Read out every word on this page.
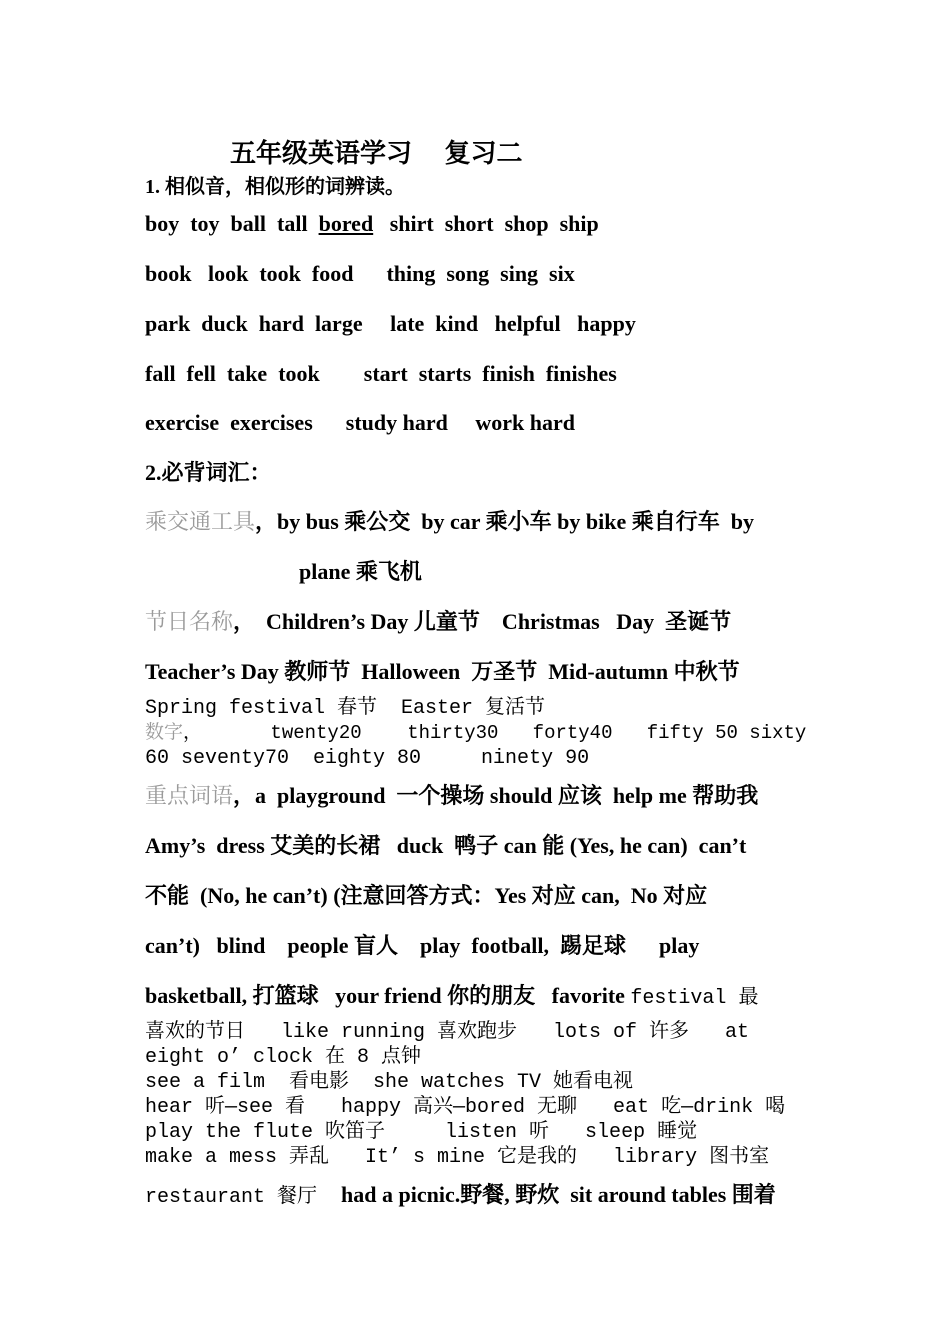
五年级英语学习     复习二
1. 相似音，相似形的词辨读。
boy  toy  ball  tall  bored   shirt  short  shop  ship
book   look  took  food      thing  song  sing  six
park  duck  hard  large     late  kind   helpful   happy
fall  fell  take  took        start  starts  finish  finishes
exercise  exercises      study hard     work hard
2.必背词汇：
乘交通工具，by bus 乘公交  by car 乘小车 by bike 乘自行车  by
plane 乘飞机
节日名称，  Children’s Day 儿童节    Christmas   Day  圣诞节
Teacher’s Day 教师节  Halloween  万圣节  Mid-autumn 中秋节
Spring festival 春节  Easter 复活节
数字，      twenty20    thirty30   forty40   fifty 50 sixty
60 seventy70  eighty 80     ninety 90
重点词语，a  playground  一个操场 should 应该  help me 帮助我
Amy’s  dress 艾美的长裙   duck  鸭子 can 能 (Yes, he can)  can’t
不能  (No, he can’t) (注意回答方式：Yes 对应 can,  No 对应
can’t)   blind    people 盲人    play  football,  踢足球      play
basketball, 打篮球   your friend 你的朋友   favorite festival 最
喜欢的节日   like running 喜欢跑步   lots of 许多   at
eight o’ clock 在 8 点钟
see a film  看电影  she watches TV 她看电视
hear 听—see 看   happy 高兴—bored 无聊   eat 吃—drink 喝
play the flute 吹笛子     listen 听   sleep 睡觉
make a mess 弄乱   It’ s mine 它是我的   library 图书室
restaurant 餐厅  had a picnic.野餐, 野炊  sit around tables 围着
